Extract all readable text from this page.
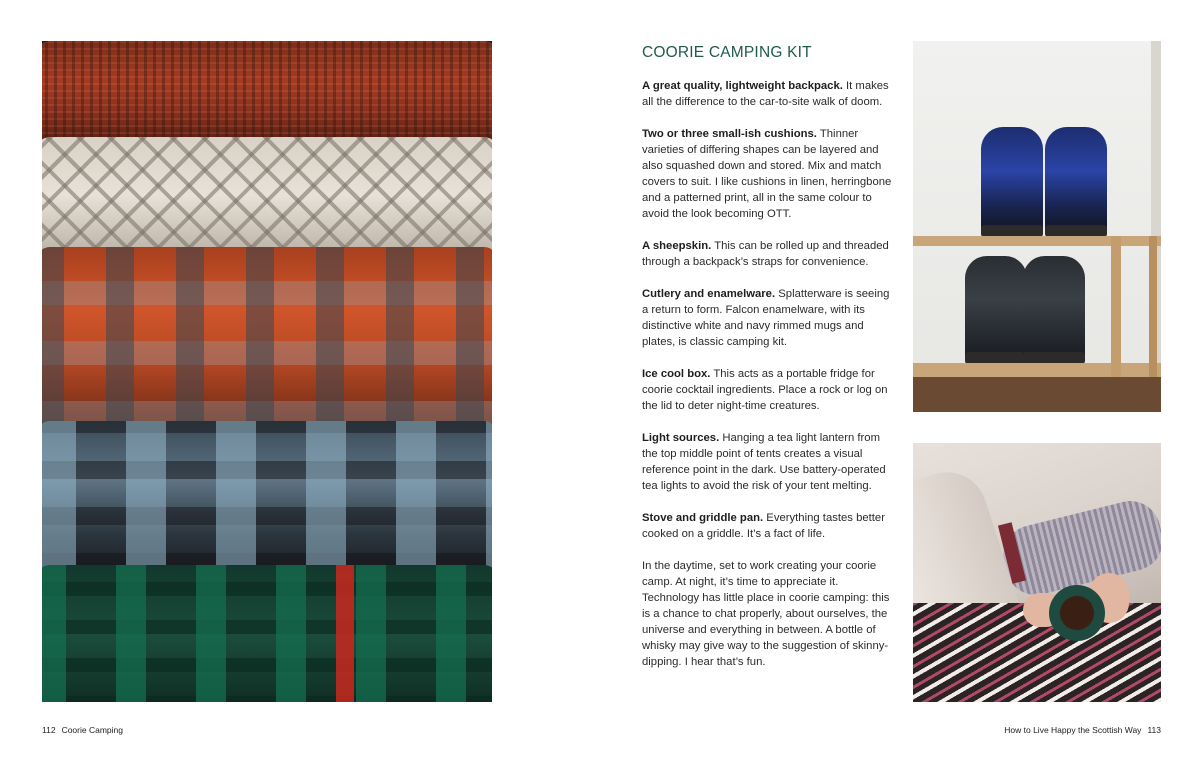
COORIE CAMPING KIT

A great quality, lightweight backpack. It makes all the difference to the car-to-site walk of doom.

Two or three small-ish cushions. Thinner varieties of differing shapes can be layered and also squashed down and stored. Mix and match covers to suit. I like cushions in linen, herringbone and a patterned print, all in the same colour to avoid the look becoming OTT.

A sheepskin. This can be rolled up and threaded through a backpack’s straps for convenience.

Cutlery and enamelware. Splatterware is seeing a return to form. Falcon enamelware, with its distinctive white and navy rimmed mugs and plates, is classic camping kit.

Ice cool box. This acts as a portable fridge for coorie cocktail ingredients. Place a rock or log on the lid to deter night-time creatures.

Light sources. Hanging a tea light lantern from the top middle point of tents creates a visual reference point in the dark. Use battery-operated tea lights to avoid the risk of your tent melting.

Stove and griddle pan. Everything tastes better cooked on a griddle. It’s a fact of life.

In the daytime, set to work creating your coorie camp. At night, it’s time to appreciate it. Technology has little place in coorie camping: this is a chance to chat properly, about ourselves, the universe and everything in between. A bottle of whisky may give way to the suggestion of skinny-dipping. I hear that’s fun.

112 Coorie Camping	How to Live Happy the Scottish Way 113
